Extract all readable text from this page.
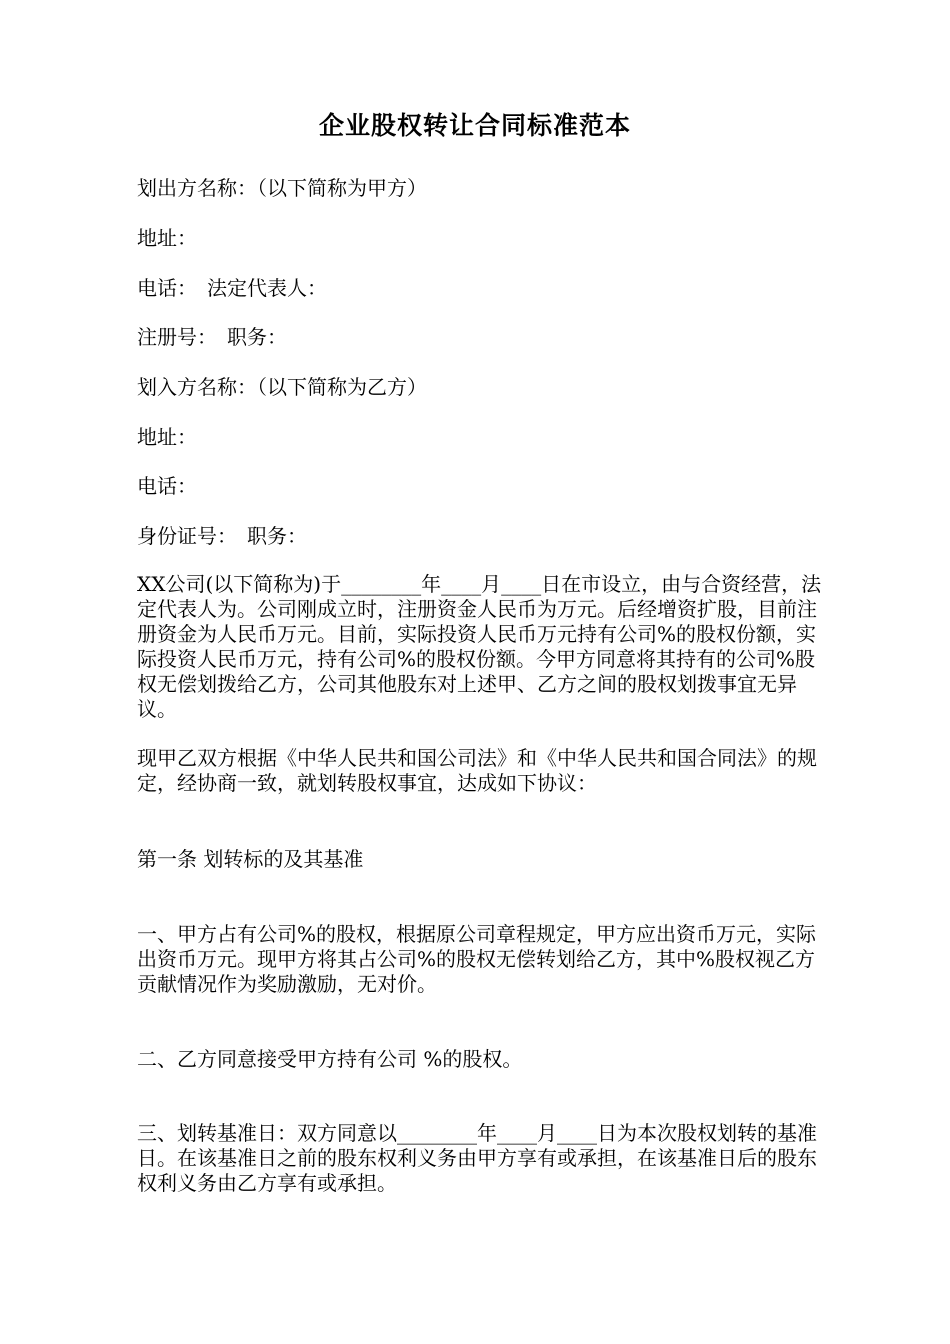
企业股权转让合同标准范本
划出方名称：（以下简称为甲方）
地址：
电话：　法定代表人：
注册号：　职务：
划入方名称：（以下简称为乙方）
地址：
电话：
身份证号：　职务：
XX公司(以下简称为)于________年____月____日在市设立，由与合资经营，法定代表人为。公司刚成立时，注册资金人民币为万元。后经增资扩股，目前注册资金为人民币万元。目前，实际投资人民币万元持有公司%的股权份额，实际投资人民币万元，持有公司%的股权份额。今甲方同意将其持有的公司%股权无偿划拨给乙方，公司其他股东对上述甲、乙方之间的股权划拨事宜无异议。
现甲乙双方根据《中华人民共和国公司法》和《中华人民共和国合同法》的规定，经协商一致，就划转股权事宜，达成如下协议：
第一条 划转标的及其基准
一、甲方占有公司%的股权，根据原公司章程规定，甲方应出资币万元，实际出资币万元。现甲方将其占公司%的股权无偿转划给乙方，其中%股权视乙方贡献情况作为奖励激励，无对价。
二、乙方同意接受甲方持有公司 %的股权。
三、划转基准日：双方同意以________年____月____日为本次股权划转的基准日。在该基准日之前的股东权利义务由甲方享有或承担，在该基准日后的股东权利义务由乙方享有或承担。
